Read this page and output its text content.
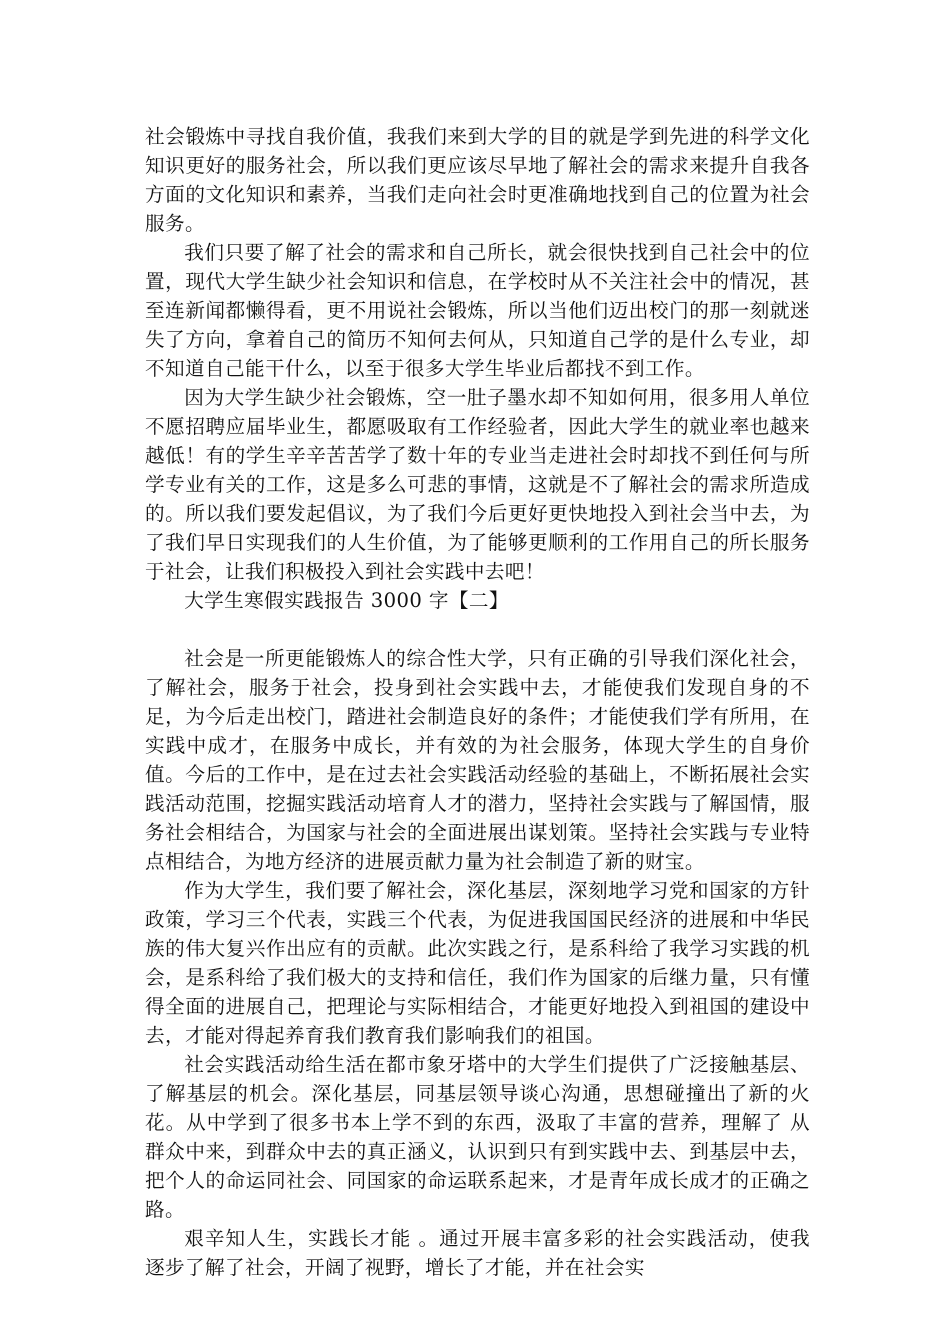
社会锻炼中寻找自我价值，我我们来到大学的目的就是学到先进的科学文化知识更好的服务社会，所以我们更应该尽早地了解社会的需求来提升自我各方面的文化知识和素养，当我们走向社会时更准确地找到自己的位置为社会服务。

我们只要了解了社会的需求和自己所长，就会很快找到自己社会中的位置，现代大学生缺少社会知识和信息，在学校时从不关注社会中的情况，甚至连新闻都懒得看，更不用说社会锻炼，所以当他们迈出校门的那一刻就迷失了方向，拿着自己的简历不知何去何从，只知道自己学的是什么专业，却不知道自己能干什么，以至于很多大学生毕业后都找不到工作。

因为大学生缺少社会锻炼，空一肚子墨水却不知如何用，很多用人单位不愿招聘应届毕业生，都愿吸取有工作经验者，因此大学生的就业率也越来越低！有的学生辛辛苦苦学了数十年的专业当走进社会时却找不到任何与所学专业有关的工作，这是多么可悲的事情，这就是不了解社会的需求所造成的。所以我们要发起倡议，为了我们今后更好更快地投入到社会当中去，为了我们早日实现我们的人生价值，为了能够更顺利的工作用自己的所长服务于社会，让我们积极投入到社会实践中去吧！

大学生寒假实践报告 3000 字【二】

社会是一所更能锻炼人的综合性大学，只有正确的引导我们深化社会，了解社会，服务于社会，投身到社会实践中去，才能使我们发现自身的不足，为今后走出校门，踏进社会制造良好的条件；才能使我们学有所用，在实践中成才，在服务中成长，并有效的为社会服务，体现大学生的自身价值。今后的工作中，是在过去社会实践活动经验的基础上，不断拓展社会实践活动范围，挖掘实践活动培育人才的潜力，坚持社会实践与了解国情，服务社会相结合，为国家与社会的全面进展出谋划策。坚持社会实践与专业特点相结合，为地方经济的进展贡献力量为社会制造了新的财宝。

作为大学生，我们要了解社会，深化基层，深刻地学习党和国家的方针政策，学习三个代表，实践三个代表，为促进我国国民经济的进展和中华民族的伟大复兴作出应有的贡献。此次实践之行，是系科给了我学习实践的机会，是系科给了我们极大的支持和信任，我们作为国家的后继力量，只有懂得全面的进展自己，把理论与实际相结合，才能更好地投入到祖国的建设中去，才能对得起养育我们教育我们影响我们的祖国。

社会实践活动给生活在都市象牙塔中的大学生们提供了广泛接触基层、了解基层的机会。深化基层，同基层领导谈心沟通，思想碰撞出了新的火花。从中学到了很多书本上学不到的东西，汲取了丰富的营养，理解了 从群众中来，到群众中去的真正涵义，认识到只有到实践中去、到基层中去，把个人的命运同社会、同国家的命运联系起来，才是青年成长成才的正确之路。

艰辛知人生，实践长才能 。通过开展丰富多彩的社会实践活动，使我逐步了解了社会，开阔了视野，增长了才能，并在社会实
